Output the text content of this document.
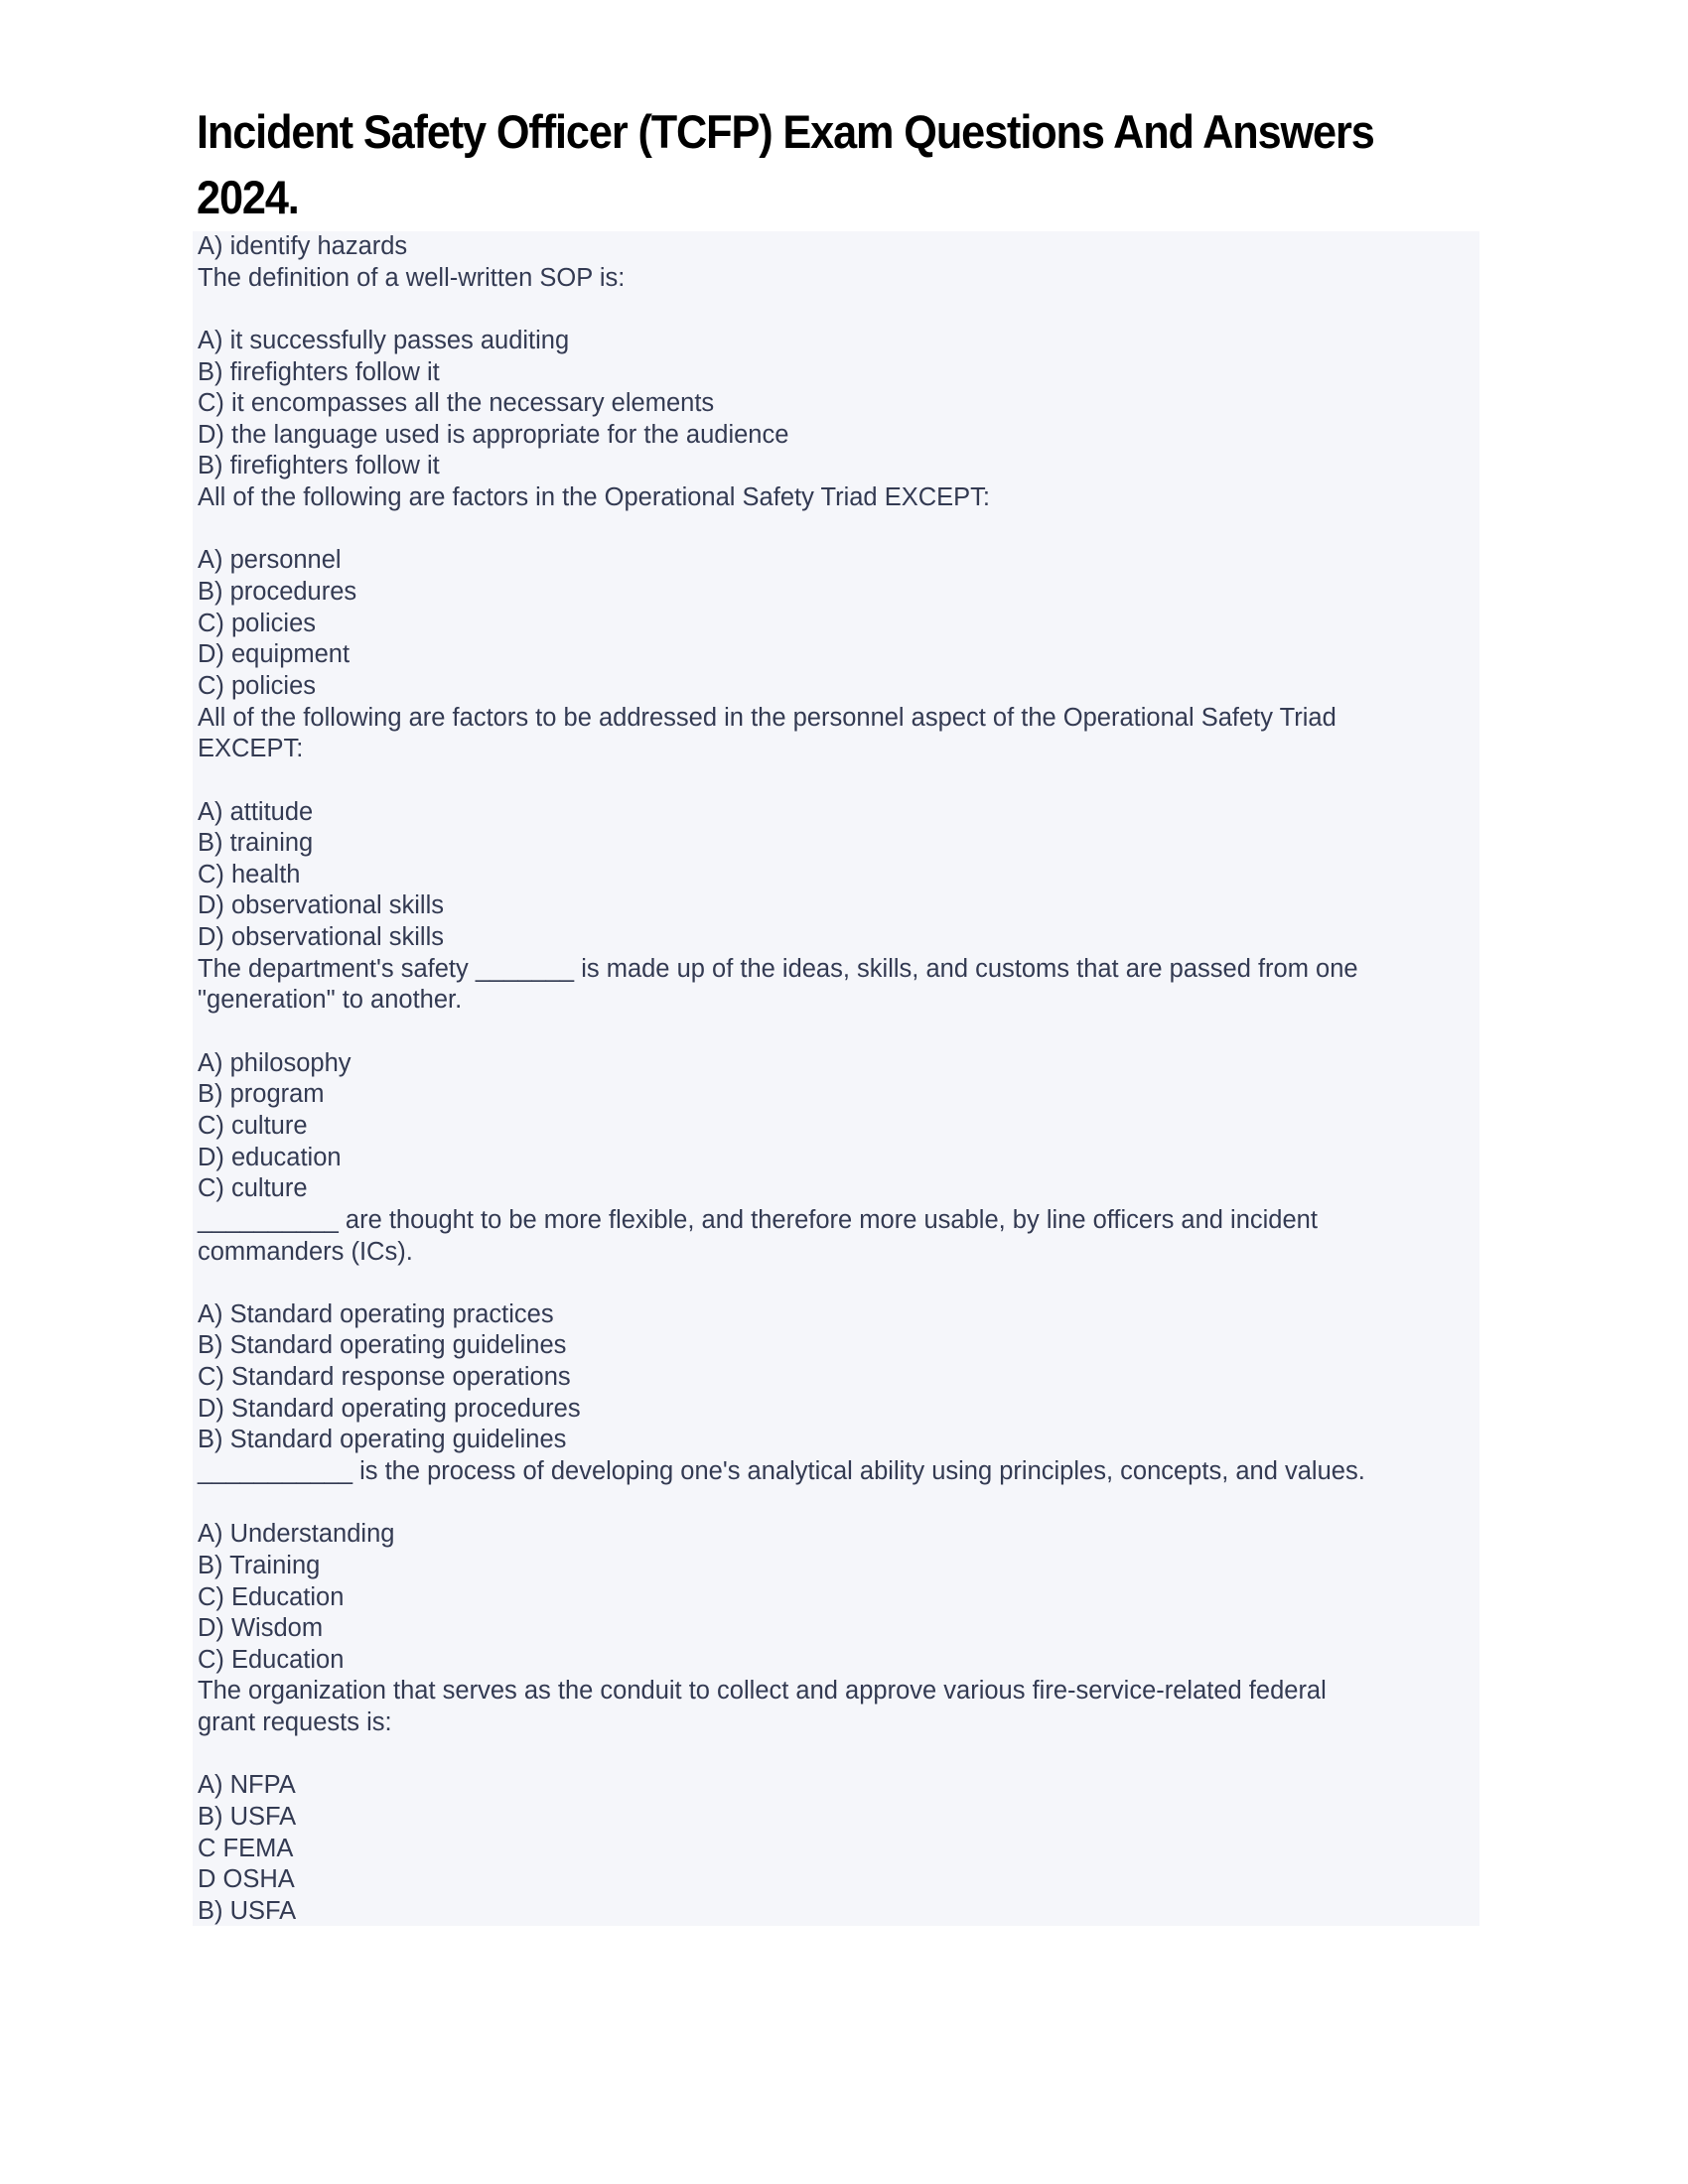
Incident Safety Officer (TCFP) Exam Questions And Answers 2024.
A) identify hazards
The definition of a well-written SOP is:
A) it successfully passes auditing
B) firefighters follow it
C) it encompasses all the necessary elements
D) the language used is appropriate for the audience
B) firefighters follow it
All of the following are factors in the Operational Safety Triad EXCEPT:
A) personnel
B) procedures
C) policies
D) equipment
C) policies
All of the following are factors to be addressed in the personnel aspect of the Operational Safety Triad
EXCEPT:
A) attitude
B) training
C) health
D) observational skills
D) observational skills
The department's safety _______ is made up of the ideas, skills, and customs that are passed from one
"generation" to another.
A) philosophy
B) program
C) culture
D) education
C) culture
__________ are thought to be more flexible, and therefore more usable, by line officers and incident
commanders (ICs).
A) Standard operating practices
B) Standard operating guidelines
C) Standard response operations
D) Standard operating procedures
B) Standard operating guidelines
___________ is the process of developing one's analytical ability using principles, concepts, and values.
A) Understanding
B) Training
C) Education
D) Wisdom
C) Education
The organization that serves as the conduit to collect and approve various fire-service-related federal
grant requests is:
A) NFPA
B) USFA
C FEMA
D OSHA
B) USFA
